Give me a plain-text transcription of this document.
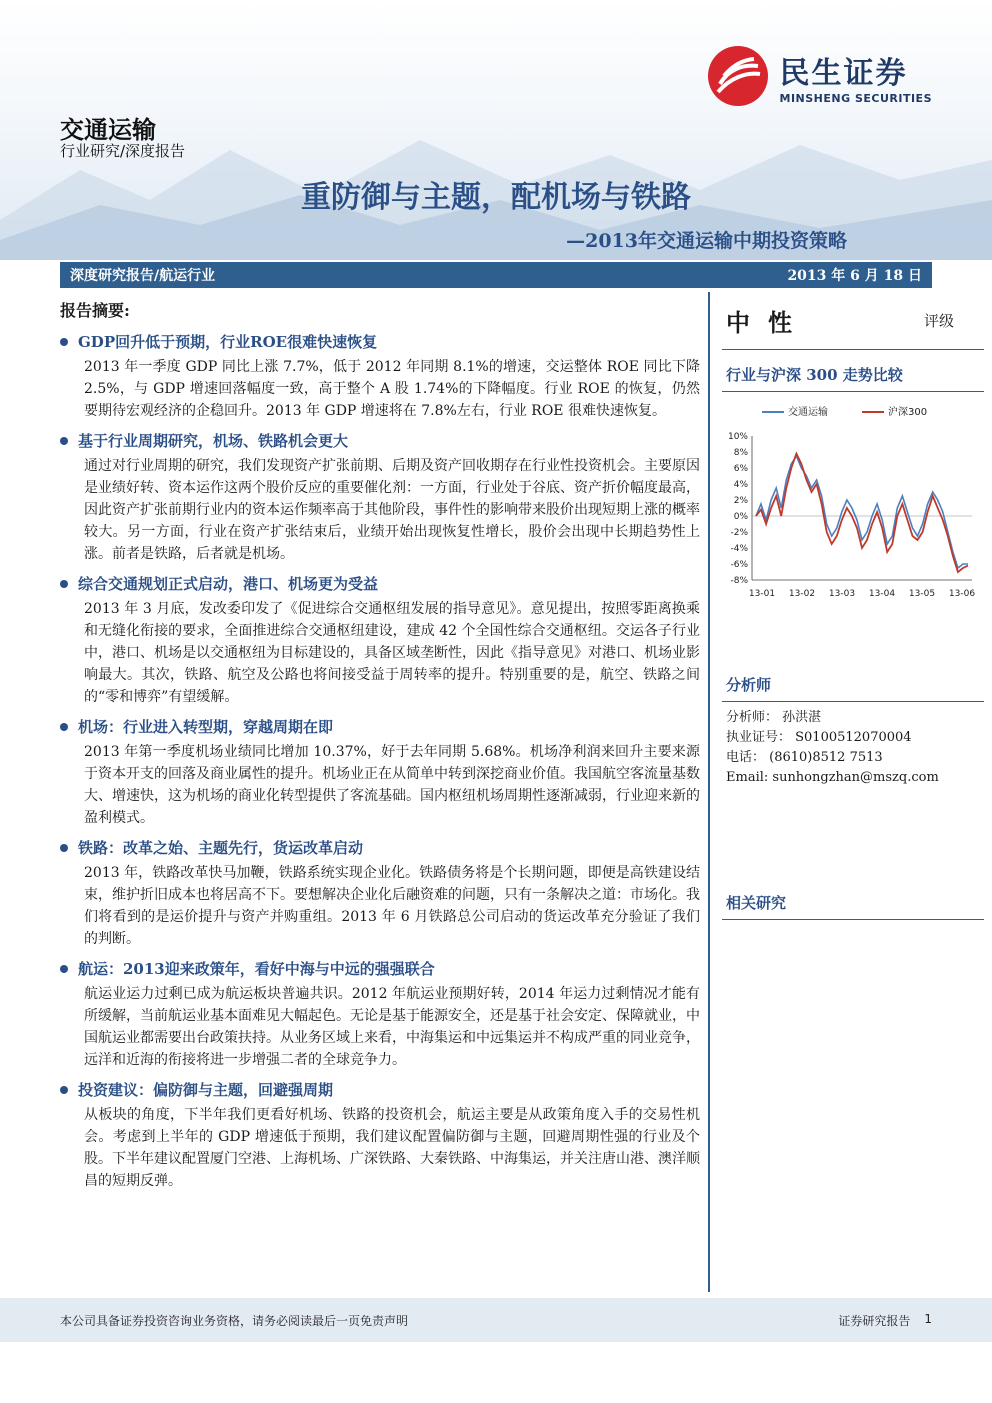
民生证券
MINSHENG SECURITIES
交通运输
行业研究/深度报告
重防御与主题，配机场与铁路
—2013年交通运输中期投资策略
深度研究报告/航运行业	2013 年 6 月 18 日
报告摘要:
GDP回升低于预期，行业ROE很难快速恢复
2013 年一季度 GDP 同比上涨 7.7%，低于 2012 年同期 8.1%的增速，交运整体 ROE 同比下降 2.5%，与 GDP 增速回落幅度一致，高于整个 A 股 1.74%的下降幅度。行业 ROE 的恢复，仍然要期待宏观经济的企稳回升。2013 年 GDP 增速将在 7.8%左右，行业 ROE 很难快速恢复。
基于行业周期研究，机场、铁路机会更大
通过对行业周期的研究，我们发现资产扩张前期、后期及资产回收期存在行业性投资机会。主要原因是业绩好转、资本运作这两个股价反应的重要催化剂：一方面，行业处于谷底、资产折价幅度最高，因此资产扩张前期行业内的资本运作频率高于其他阶段，事件性的影响带来股价出现短期上涨的概率较大。另一方面，行业在资产扩张结束后，业绩开始出现恢复性增长，股价会出现中长期趋势性上涨。前者是铁路，后者就是机场。
综合交通规划正式启动，港口、机场更为受益
2013 年 3 月底，发改委印发了《促进综合交通枢纽发展的指导意见》。意见提出，按照零距离换乘和无缝化衔接的要求，全面推进综合交通枢纽建设，建成 42 个全国性综合交通枢纽。交运各子行业中，港口、机场是以交通枢纽为目标建设的，具备区域垄断性，因此《指导意见》对港口、机场业影响最大。其次，铁路、航空及公路也将间接受益于周转率的提升。特别重要的是，航空、铁路之间的“零和博弈”有望缓解。
机场：行业进入转型期，穿越周期在即
2013 年第一季度机场业绩同比增加 10.37%，好于去年同期 5.68%。机场净利润来回升主要来源于资本开支的回落及商业属性的提升。机场业正在从简单中转到深挖商业价值。我国航空客流量基数大、增速快，这为机场的商业化转型提供了客流基础。国内枢纽机场周期性逐渐减弱，行业迎来新的盈利模式。
铁路：改革之始、主题先行，货运改革启动
2013 年，铁路改革快马加鞭，铁路系统实现企业化。铁路债务将是个长期问题，即便是高铁建设结束，维护折旧成本也将居高不下。要想解决企业化后融资难的问题，只有一条解决之道：市场化。我们将看到的是运价提升与资产并购重组。2013 年 6 月铁路总公司启动的货运改革充分验证了我们的判断。
航运：2013迎来政策年，看好中海与中远的强强联合
航运业运力过剩已成为航运板块普遍共识。2012 年航运业预期好转，2014 年运力过剩情况才能有所缓解，当前航运业基本面难见大幅起色。无论是基于能源安全，还是基于社会安定、保障就业，中国航运业都需要出台政策扶持。从业务区域上来看，中海集运和中远集运并不构成严重的同业竞争，远洋和近海的衔接将进一步增强二者的全球竞争力。
投资建议：偏防御与主题，回避强周期
从板块的角度，下半年我们更看好机场、铁路的投资机会，航运主要是从政策角度入手的交易性机会。考虑到上半年的 GDP 增速低于预期，我们建议配置偏防御与主题，回避周期性强的行业及个股。下半年建议配置厦门空港、上海机场、广深铁路、大秦铁路、中海集运，并关注唐山港、澳洋顺昌的短期反弹。
中性	评级
行业与沪深 300 走势比较
10%
8%
6%
4%
2%
0%
-2%
-4%
-6%
-8%
13-01 13-02 13-03 13-04 13-05 13-06
交通运输	沪深300
分析师
分析师： 孙洪湛
执业证号： S0100512070004
电话： (8610)8512 7513
Email: sunhongzhan@mszq.com
相关研究
本公司具备证券投资咨询业务资格，请务必阅读最后一页免责声明	证券研究报告 1
